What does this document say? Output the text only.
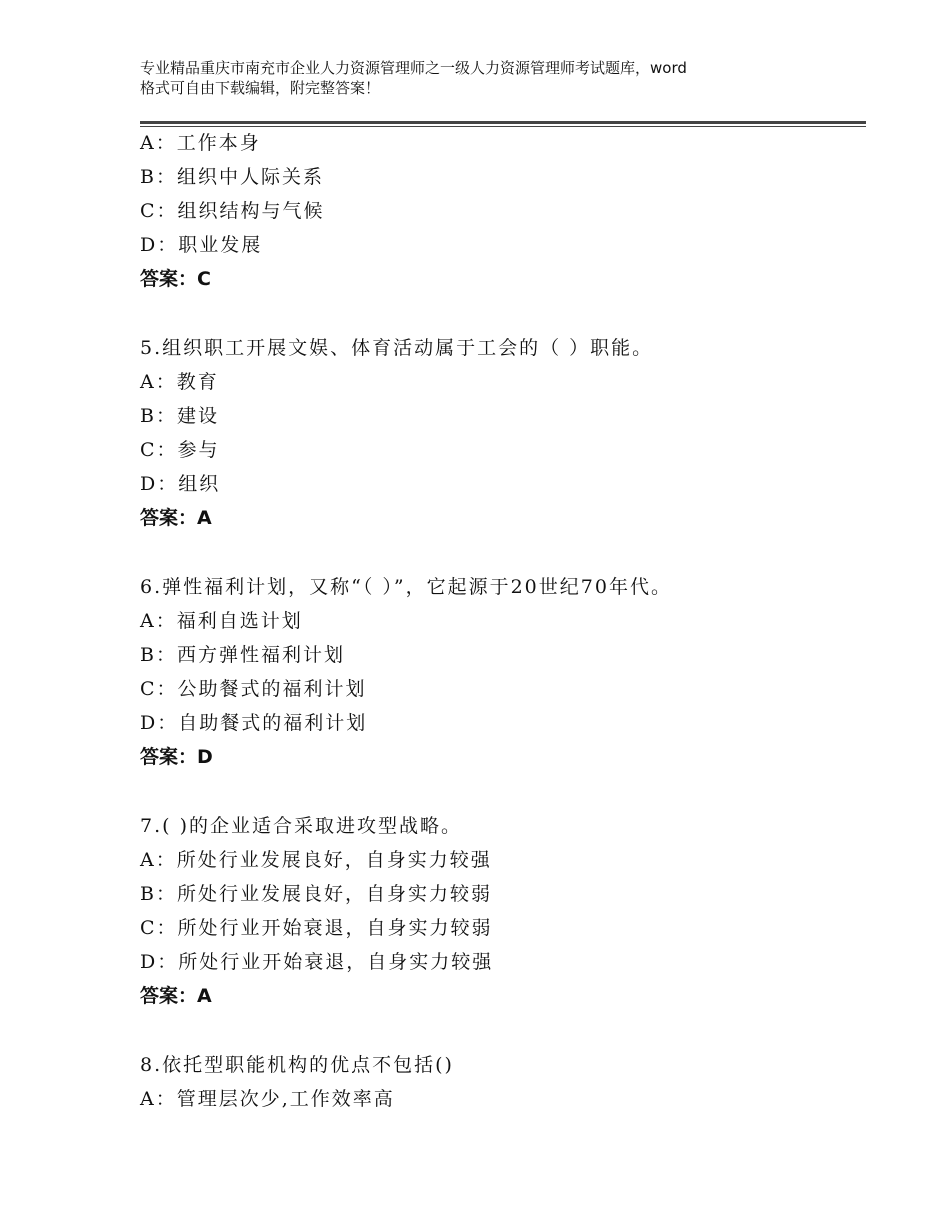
专业精品重庆市南充市企业人力资源管理师之一级人力资源管理师考试题库，word
格式可自由下载编辑，附完整答案！
A：工作本身
B：组织中人际关系
C：组织结构与气候
D：职业发展
答案：C
5.组织职工开展文娱、体育活动属于工会的（ ）职能。
A：教育
B：建设
C：参与
D：组织
答案：A
6.弹性福利计划，又称“（ ）”，它起源于20世纪70年代。
A：福利自选计划
B：西方弹性福利计划
C：公助餐式的福利计划
D：自助餐式的福利计划
答案：D
7.( )的企业适合采取进攻型战略。
A：所处行业发展良好，自身实力较强
B：所处行业发展良好，自身实力较弱
C：所处行业开始衰退，自身实力较弱
D：所处行业开始衰退，自身实力较强
答案：A
8.依托型职能机构的优点不包括()
A：管理层次少,工作效率高
